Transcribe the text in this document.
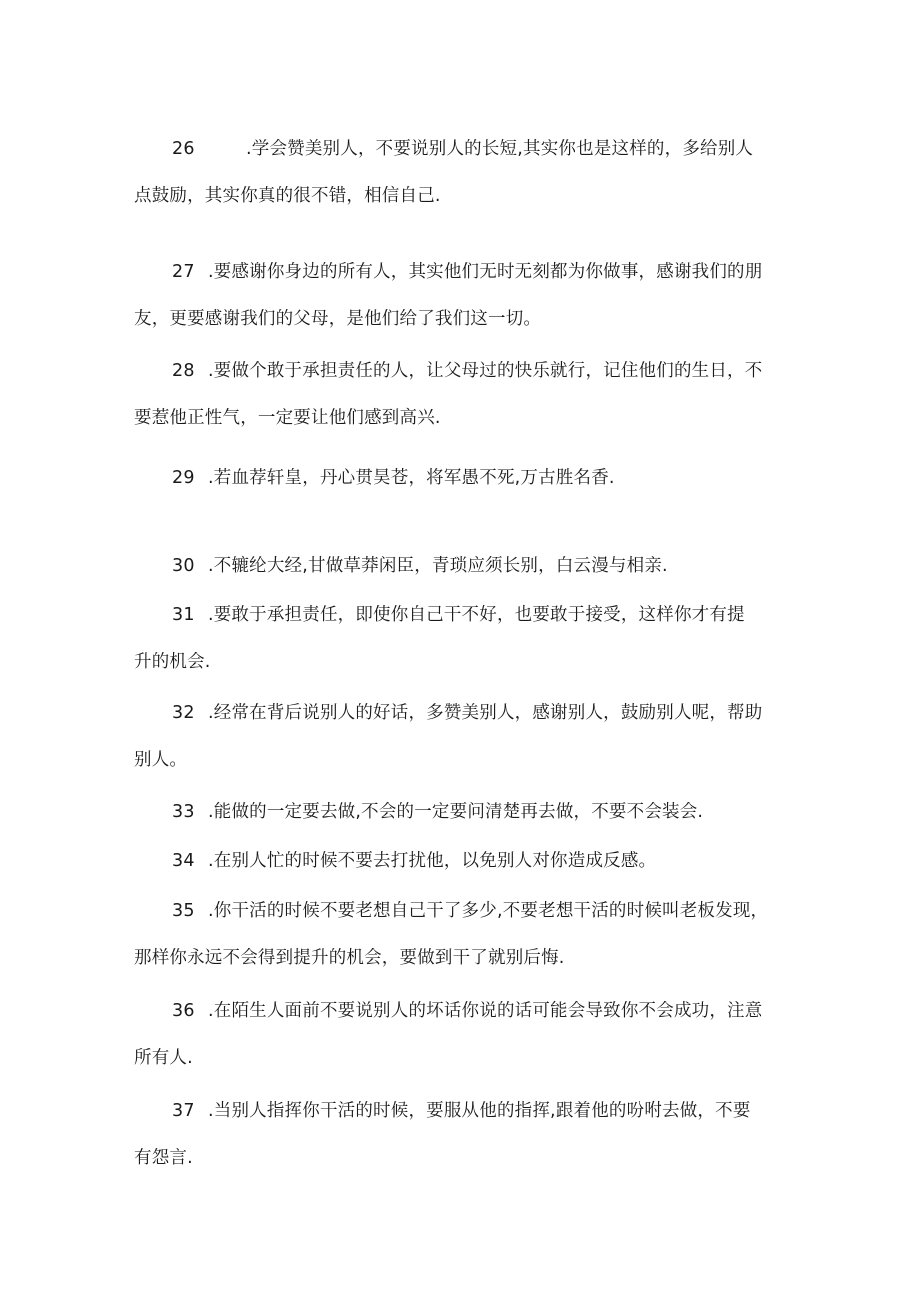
26	.学会赞美别人，不要说别人的长短,其实你也是这样的，多给别人
点鼓励，其实你真的很不错，相信自己.
27 .要感谢你身边的所有人，其实他们无时无刻都为你做事，感谢我们的朋
友，更要感谢我们的父母，是他们给了我们这一切。
28 .要做个敢于承担责任的人，让父母过的快乐就行，记住他们的生日，不
要惹他正性气，一定要让他们感到高兴.
29 .若血荐轩皇，丹心贯昊苍，将军愚不死,万古胜名香.
30 .不辘纶大经,甘做草莽闲臣，青琐应须长别，白云漫与相亲.
31 .要敢于承担责任，即使你自己干不好，也要敢于接受，这样你才有提
升的机会.
32 .经常在背后说别人的好话，多赞美别人，感谢别人，鼓励别人呢，帮助
别人。
33 .能做的一定要去做,不会的一定要问清楚再去做，不要不会装会.
34 .在别人忙的时候不要去打扰他，以免别人对你造成反感。
35 .你干活的时候不要老想自己干了多少,不要老想干活的时候叫老板发现，
那样你永远不会得到提升的机会，要做到干了就别后悔.
36 .在陌生人面前不要说别人的坏话你说的话可能会导致你不会成功，注意
所有人.
37 .当别人指挥你干活的时候，要服从他的指挥,跟着他的吩咐去做，不要
有怨言.
